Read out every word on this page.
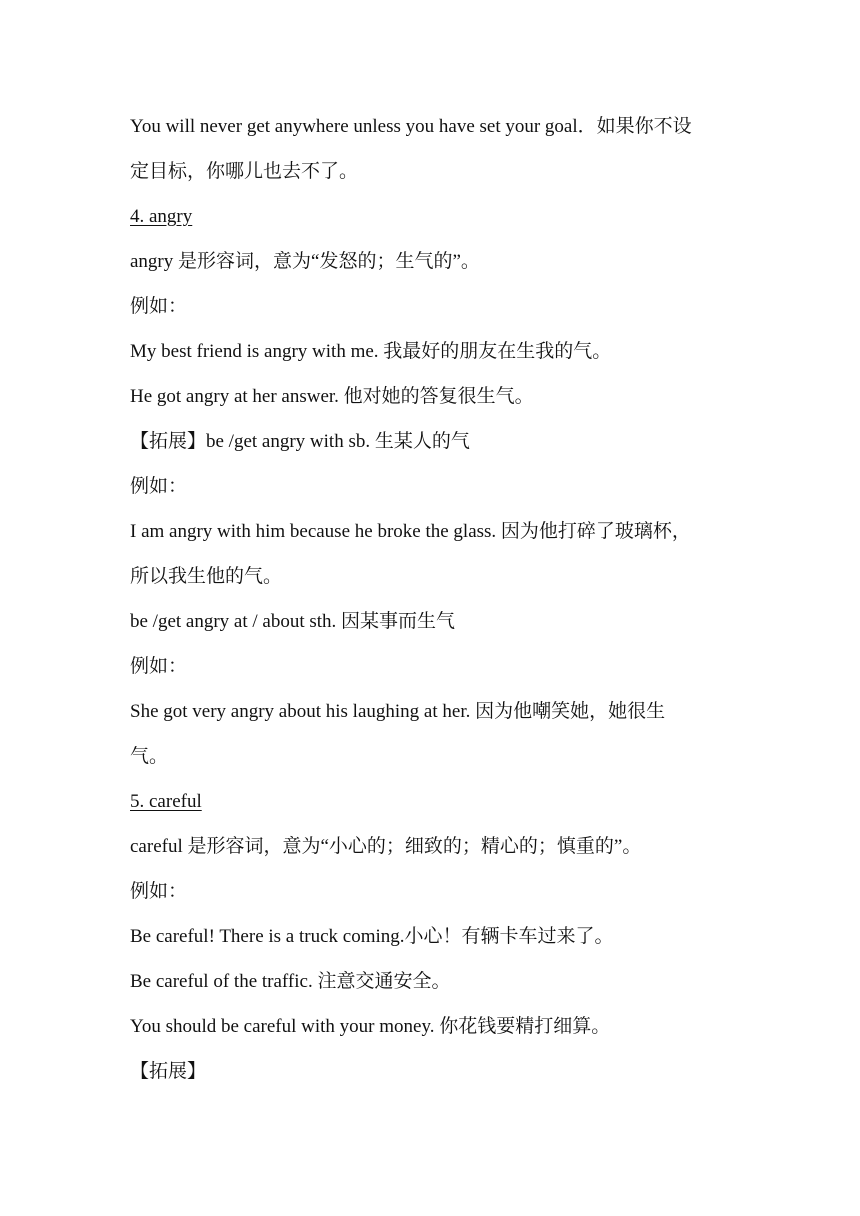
You will never get anywhere unless you have set your goal．如果你不设
定目标，你哪儿也去不了。
4. angry
angry 是形容词，意为“发怒的；生气的”。
例如：
My best friend is angry with me. 我最好的朋友在生我的气。
He got angry at her answer. 他对她的答复很生气。
【拓展】be /get angry with sb. 生某人的气
例如：
I am angry with him because he broke the glass. 因为他打碎了玻璃杯，
所以我生他的气。
be /get angry at / about sth. 因某事而生气
例如：
She got very angry about his laughing at her. 因为他嘲笑她，她很生
气。
5. careful
careful 是形容词，意为“小心的；细致的；精心的；慎重的”。
例如：
Be careful! There is a truck coming.小心！有辆卡车过来了。
Be careful of the traffic. 注意交通安全。
You should be careful with your money. 你花钱要精打细算。
【拓展】
